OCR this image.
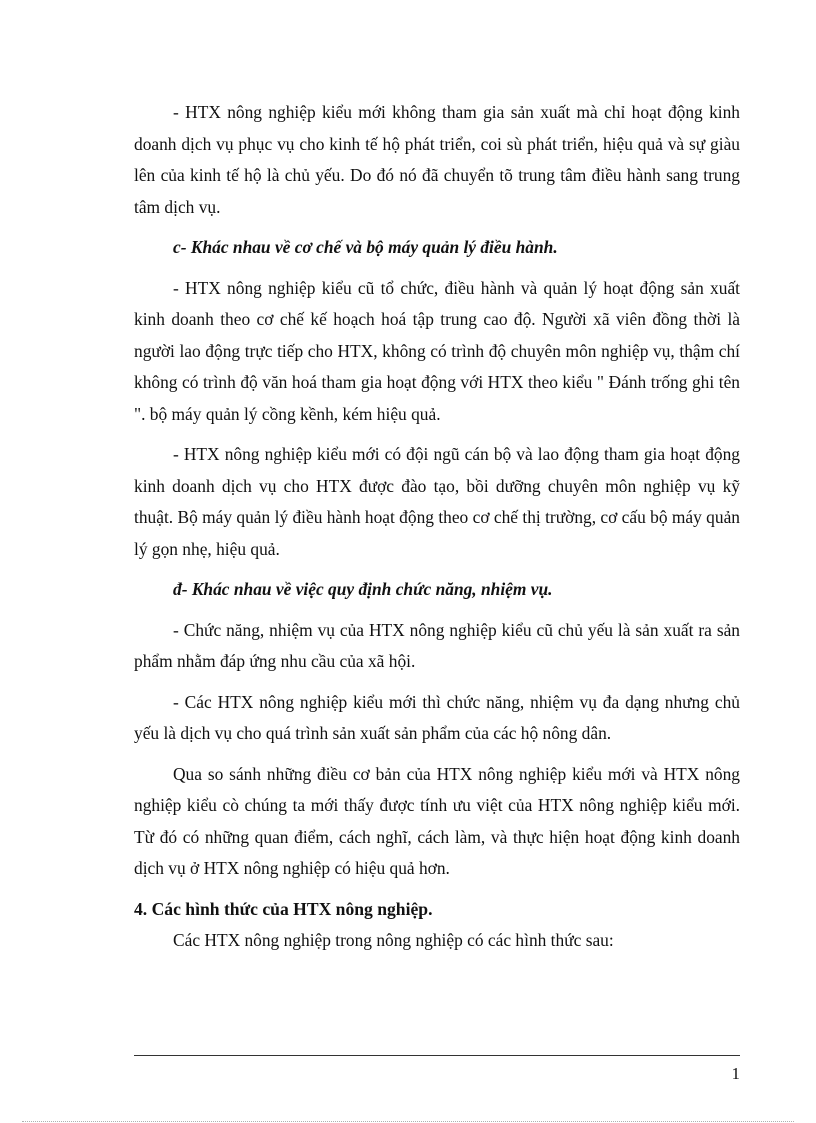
- HTX nông nghiệp kiểu mới không tham gia sản xuất mà chỉ hoạt động kinh doanh dịch vụ phục vụ cho kinh tế hộ phát triển, coi sù phát triển, hiệu quả và sự giàu lên của kinh tế hộ là chủ yếu. Do đó nó đã chuyển tõ trung tâm điều hành sang trung tâm dịch vụ.

c- Khác nhau về cơ chế và bộ máy quản lý điều hành.

- HTX nông nghiệp kiểu cũ tổ chức, điều hành và quản lý hoạt động sản xuất kinh doanh theo cơ chế kế hoạch hoá tập trung cao độ. Người xã viên đồng thời là người lao động trực tiếp cho HTX, không có trình độ chuyên môn nghiệp vụ, thậm chí không có trình độ văn hoá tham gia hoạt động với HTX theo kiểu " Đánh trống ghi tên ". bộ máy quản lý cồng kềnh, kém hiệu quả.

- HTX nông nghiệp kiểu mới có đội ngũ cán bộ và lao động tham gia hoạt động kinh doanh dịch vụ cho HTX được đào tạo, bồi dưỡng chuyên môn nghiệp vụ kỹ thuật. Bộ máy quản lý điều hành hoạt động theo cơ chế thị trường, cơ cấu bộ máy quản lý gọn nhẹ, hiệu quả.

đ- Khác nhau về việc quy định chức năng, nhiệm vụ.

- Chức năng, nhiệm vụ của HTX nông nghiệp kiểu cũ chủ yếu là sản xuất ra sản phẩm nhằm đáp ứng nhu cầu của xã hội.

- Các HTX nông nghiệp kiểu mới thì chức năng, nhiệm vụ đa dạng nhưng chủ yếu là dịch vụ cho quá trình sản xuất sản phẩm của các hộ nông dân.

Qua so sánh những điều cơ bản của HTX nông nghiệp kiểu mới và HTX nông nghiệp kiểu cò chúng ta mới thấy được tính ưu việt của HTX nông nghiệp kiểu mới. Từ đó có những quan điểm, cách nghĩ, cách làm, và thực hiện hoạt động kinh doanh dịch vụ ở HTX nông nghiệp có hiệu quả hơn.

4. Các hình thức của HTX nông nghiệp.

Các HTX nông nghiệp trong nông nghiệp có các hình thức sau:

1
